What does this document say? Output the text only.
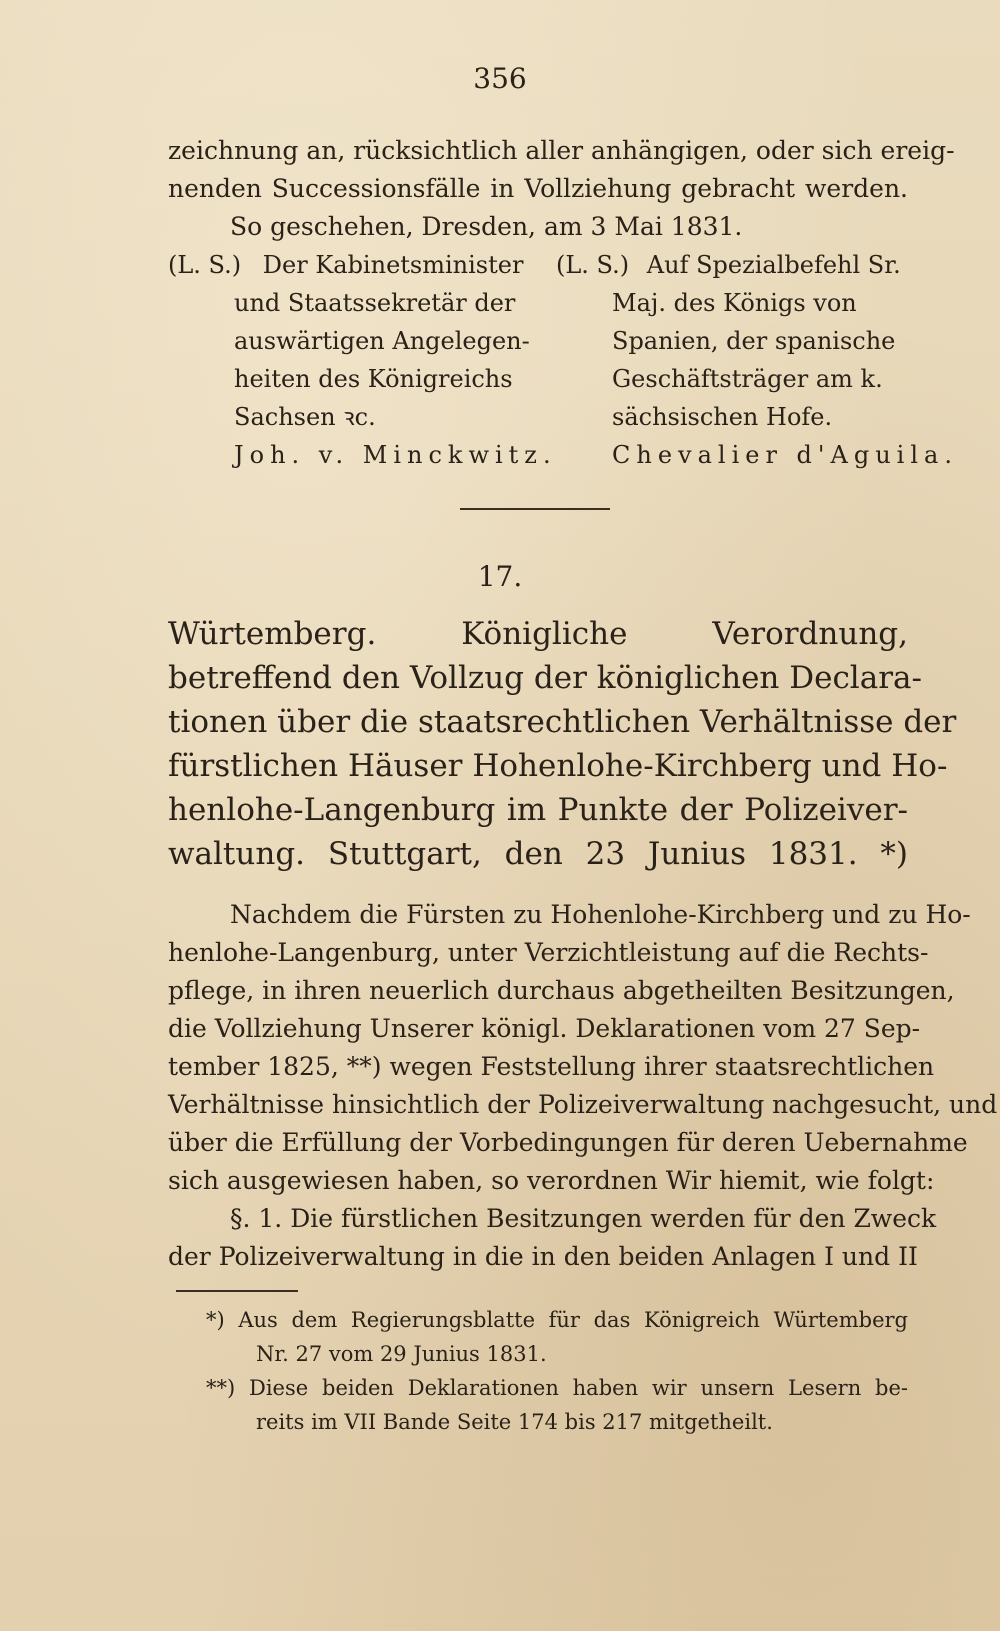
356
zeichnung an, rücksichtlich aller anhängigen, oder sich ereig-
nenden Successionsfälle in Vollziehung gebracht werden.
So geschehen, Dresden, am 3 Mai 1831.
(L. S.) Der Kabinetsminister
und Staatssekretär der
auswärtigen Angelegen-
heiten des Königreichs
Sachsen ꝛc.
Joh. v. Minckwitz.
(L. S.) Auf Spezialbefehl Sr.
Maj. des Königs von
Spanien, der spanische
Geschäftsträger am k.
sächsischen Hofe.
Chevalier d'Aguila.
17.
Würtemberg. Königliche Verordnung,
betreffend den Vollzug der königlichen Declara-
tionen über die staatsrechtlichen Verhältnisse der
fürstlichen Häuser Hohenlohe-Kirchberg und Ho-
henlohe-Langenburg im Punkte der Polizeiver-
waltung. Stuttgart, den 23 Junius 1831. *)
Nachdem die Fürsten zu Hohenlohe-Kirchberg und zu Ho-
henlohe-Langenburg, unter Verzichtleistung auf die Rechts-
pflege, in ihren neuerlich durchaus abgetheilten Besitzungen,
die Vollziehung Unserer königl. Deklarationen vom 27 Sep-
tember 1825, **) wegen Feststellung ihrer staatsrechtlichen
Verhältnisse hinsichtlich der Polizeiverwaltung nachgesucht, und
über die Erfüllung der Vorbedingungen für deren Uebernahme
sich ausgewiesen haben, so verordnen Wir hiemit, wie folgt:
§. 1. Die fürstlichen Besitzungen werden für den Zweck
der Polizeiverwaltung in die in den beiden Anlagen I und II
*) Aus dem Regierungsblatte für das Königreich Würtemberg
Nr. 27 vom 29 Junius 1831.
**) Diese beiden Deklarationen haben wir unsern Lesern be-
reits im VII Bande Seite 174 bis 217 mitgetheilt.
